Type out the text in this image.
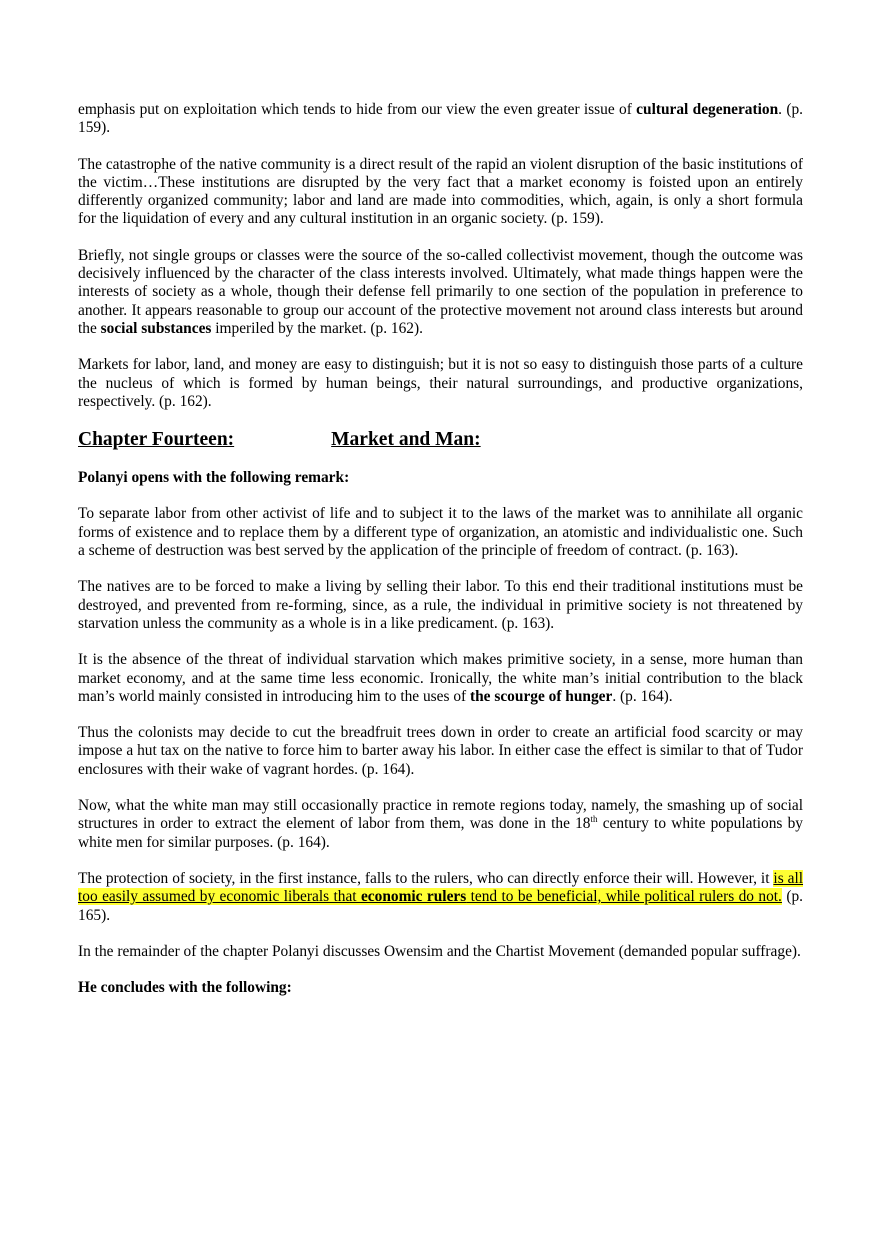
emphasis put on exploitation which tends to hide from our view the even greater issue of cultural degeneration. (p. 159).

The catastrophe of the native community is a direct result of the rapid an violent disruption of the basic institutions of the victim…These institutions are disrupted by the very fact that a market economy is foisted upon an entirely differently organized community; labor and land are made into commodities, which, again, is only a short formula for the liquidation of every and any cultural institution in an organic society. (p. 159).

Briefly, not single groups or classes were the source of the so-called collectivist movement, though the outcome was decisively influenced by the character of the class interests involved. Ultimately, what made things happen were the interests of society as a whole, though their defense fell primarily to one section of the population in preference to another. It appears reasonable to group our account of the protective movement not around class interests but around the social substances imperiled by the market. (p. 162).

Markets for labor, land, and money are easy to distinguish; but it is not so easy to distinguish those parts of a culture the nucleus of which is formed by human beings, their natural surroundings, and productive organizations, respectively. (p. 162).

Chapter Fourteen:	Market and Man:

Polanyi opens with the following remark:

To separate labor from other activist of life and to subject it to the laws of the market was to annihilate all organic forms of existence and to replace them by a different type of organization, an atomistic and individualistic one. Such a scheme of destruction was best served by the application of the principle of freedom of contract. (p. 163).

The natives are to be forced to make a living by selling their labor. To this end their traditional institutions must be destroyed, and prevented from re-forming, since, as a rule, the individual in primitive society is not threatened by starvation unless the community as a whole is in a like predicament. (p. 163).

It is the absence of the threat of individual starvation which makes primitive society, in a sense, more human than market economy, and at the same time less economic. Ironically, the white man’s initial contribution to the black man’s world mainly consisted in introducing him to the uses of the scourge of hunger. (p. 164).

Thus the colonists may decide to cut the breadfruit trees down in order to create an artificial food scarcity or may impose a hut tax on the native to force him to barter away his labor. In either case the effect is similar to that of Tudor enclosures with their wake of vagrant hordes. (p. 164).

Now, what the white man may still occasionally practice in remote regions today, namely, the smashing up of social structures in order to extract the element of labor from them, was done in the 18th century to white populations by white men for similar purposes. (p. 164).

The protection of society, in the first instance, falls to the rulers, who can directly enforce their will. However, it is all too easily assumed by economic liberals that economic rulers tend to be beneficial, while political rulers do not. (p. 165).

In the remainder of the chapter Polanyi discusses Owensim and the Chartist Movement (demanded popular suffrage).

He concludes with the following:
